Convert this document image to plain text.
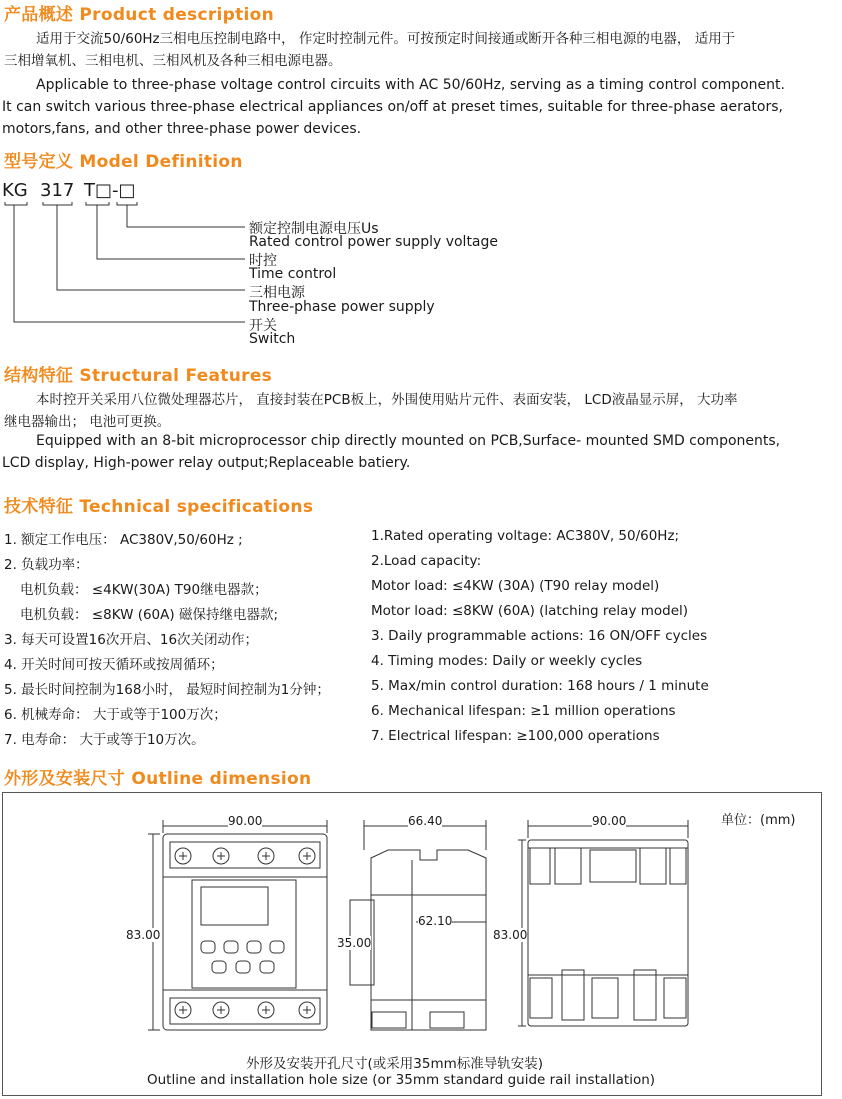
产品概述 Product description
适用于交流50/60Hz三相电压控制电路中， 作定时控制元件。可按预定时间接通或断开各种三相电源的电器， 适用于
三相增氧机、三相电机、三相风机及各种三相电源电器。
Applicable to three-phase voltage control circuits with AC 50/60Hz, serving as a timing control component.
It can switch various three-phase electrical appliances on/off at preset times, suitable for three-phase aerators,
motors,fans, and other three-phase power devices.
型号定义 Model Definition
KG 317 T□-□
额定控制电源电压Us
Rated control power supply voltage
时控
Time control
三相电源
Three-phase power supply
开关
Switch
结构特征 Structural Features
本时控开关采用八位微处理器芯片， 直接封装在PCB板上，外围使用贴片元件、表面安装， LCD液晶显示屏， 大功率
继电器输出； 电池可更换。
Equipped with an 8-bit microprocessor chip directly mounted on PCB,Surface- mounted SMD components,
LCD display, High-power relay output;Replaceable batiery.
技术特征 Technical specifications
1. 额定工作电压： AC380V,50/60Hz ;
2. 负载功率：
电机负载： ≤4KW(30A) T90继电器款；
电机负载： ≤8KW (60A) 磁保持继电器款;
3. 每天可设置16次开启、16次关闭动作；
4. 开关时间可按天循环或按周循环；
5. 最长时间控制为168小时， 最短时间控制为1分钟；
6. 机械寿命： 大于或等于100万次；
7. 电寿命： 大于或等于10万次。
1.Rated operating voltage: AC380V, 50/60Hz;
2.Load capacity:
Motor load: ≤4KW (30A) (T90 relay model)
Motor load: ≤8KW (60A) (latching relay model)
3. Daily programmable actions: 16 ON/OFF cycles
4. Timing modes: Daily or weekly cycles
5. Max/min control duration: 168 hours / 1 minute
6. Mechanical lifespan: ≥1 million operations
7. Electrical lifespan: ≥100,000 operations
外形及安装尺寸 Outline dimension
单位：(mm)
90.00
83.00
66.40
62.10
35.00
90.00
83.00
外形及安装开孔尺寸(或采用35mm标准导轨安装)
Outline and installation hole size (or 35mm standard guide rail installation)
